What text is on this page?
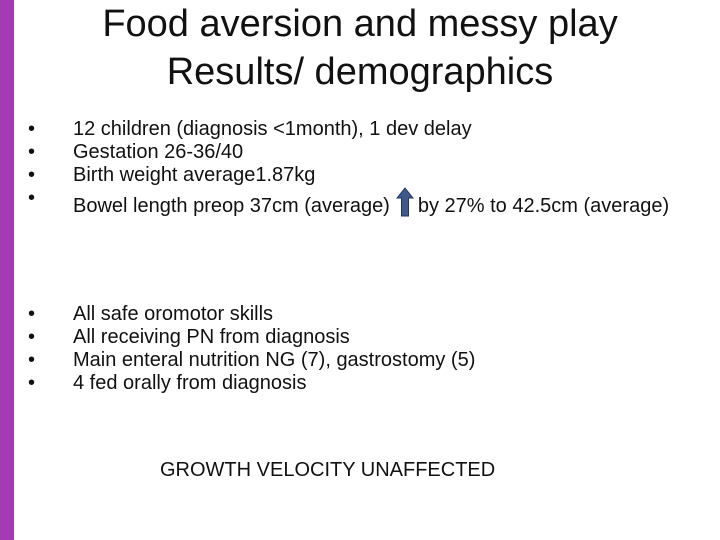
Food aversion and messy play
Results/ demographics
•	12 children (diagnosis <1month), 1 dev delay
•	Gestation 26-36/40
•	Birth weight average1.87kg
•	Bowel length preop 37cm (average) by 27% to 42.5cm (average)
•	All safe oromotor skills
•	All receiving PN from diagnosis
•	Main enteral nutrition NG (7), gastrostomy (5)
•	4 fed orally from diagnosis
GROWTH VELOCITY UNAFFECTED
